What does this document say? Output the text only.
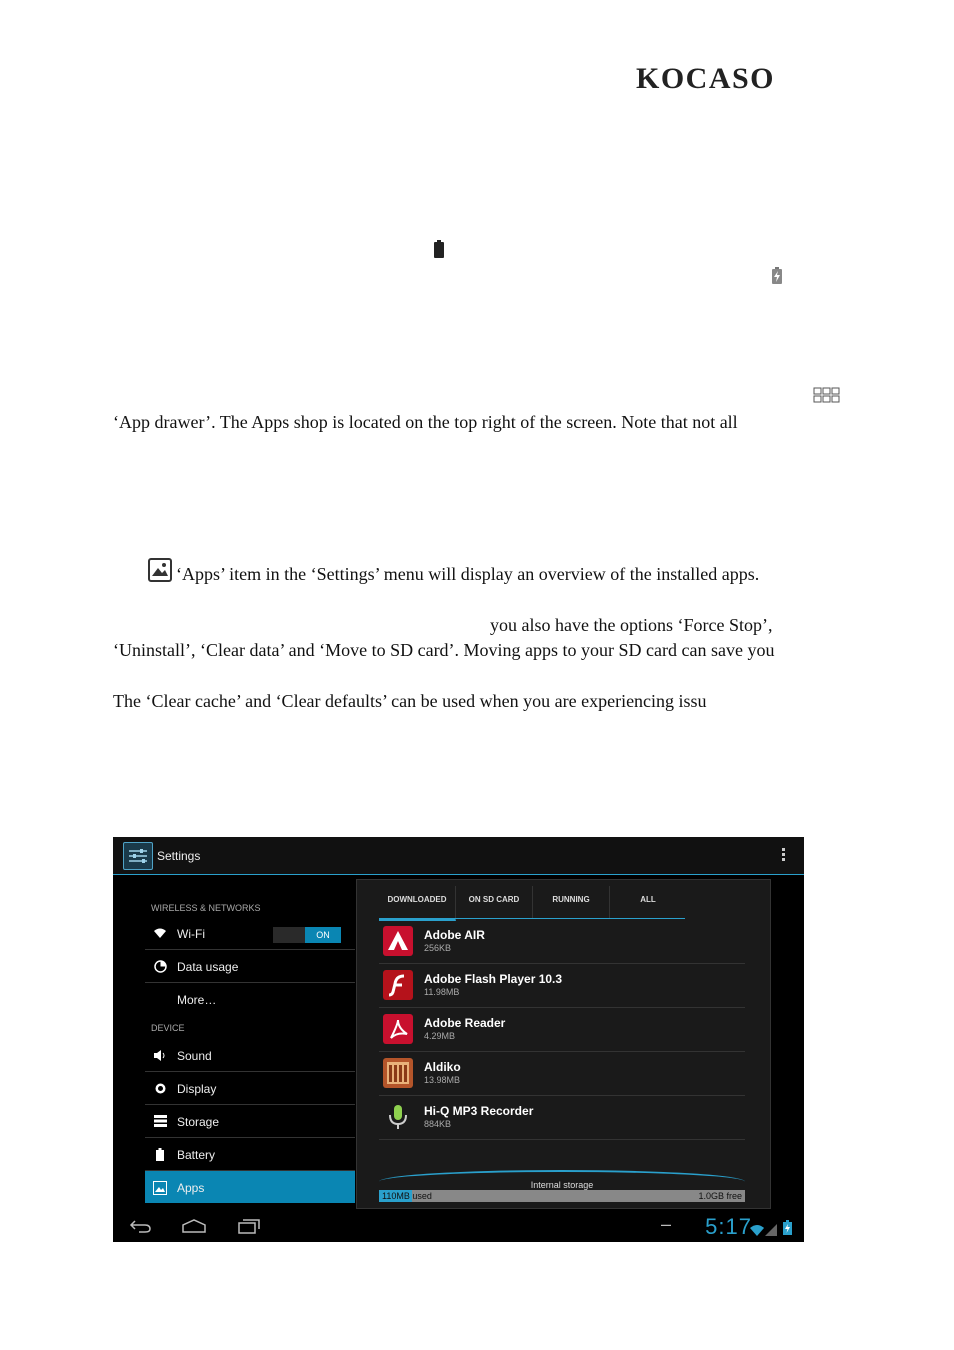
KOCASO
‘App drawer’. The Apps shop is located on the top right of the screen. Note that not all
‘Apps’ item in the ‘Settings’ menu will display an overview of the installed apps.
you also have the options ‘Force Stop’,
‘Uninstall’, ‘Clear data’ and ‘Move to SD card’. Moving apps to your SD card can save you
The ‘Clear cache’ and ‘Clear defaults’ can be used when you are experiencing issu
Settings
WIRELESS & NETWORKS
Wi-Fi	ON
Data usage
More…
DEVICE
Sound
Display
Storage
Battery
Apps
DOWNLOADED	ON SD CARD	RUNNING	ALL
Adobe AIR
256KB
Adobe Flash Player 10.3
11.98MB
Adobe Reader
4.29MB
Aldiko
13.98MB
Hi-Q MP3 Recorder
884KB
Internal storage
110MB used	1.0GB free
– 5:17
